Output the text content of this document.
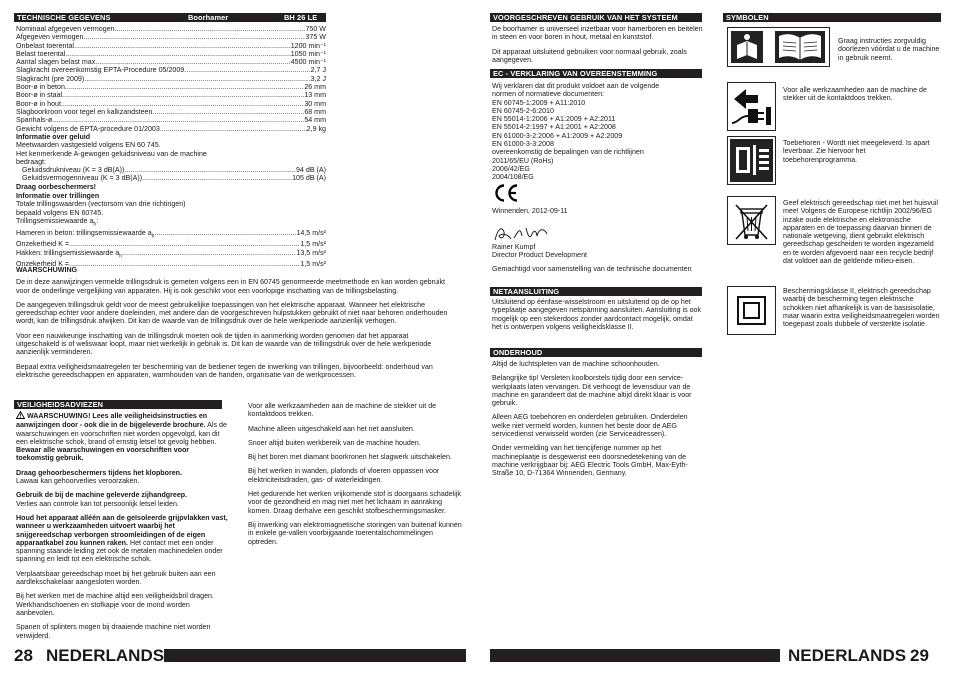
TECHNISCHE GEGEVENS	Boorhamer	BH 26 LE
Nominaal afgegeven vermogen .....	750 W
Afgegeven vermogen .....	375 W
Onbelast toerental .....	1200 min⁻¹
Belast toerental .....	1050 min⁻¹
Aantal slagen belast max. .....	4500 min⁻¹
Slagkracht overeenkomstig EPTA-Procedure 05/2009 .....	2,7 J
Slagkracht (pre 2009) .....	3,2 J
Boor-ø in beton .....	26 mm
Boor-ø in staal .....	13 mm
Boor-ø in hout .....	30 mm
Slagboorkroon voor tegel en kalkzandsteen .....	68 mm
Spanhals-ø .....	54 mm
Gewicht volgens de EPTA-procedure 01/2003 .....	2,9 kg
Informatie over geluid
Meetwaarden vastgesteld volgens EN 60 745.
Het kenmerkende A-gewogen geluidsniveau van de machine
bedraagt:
Geluidsdrukniveau (K = 3 dB(A)) .....	94 dB (A)
Geluidsvermogenniveau (K = 3 dB(A)) .....	105 dB (A)
Draag oorbeschermers!
Informatie over trillingen
Totale trillingswaarden (vectorsom van drie richtingen)
bepaald volgens EN 60745.
Trillingsemissiewaarde $a_h$:
Hameren in beton: trillingsemissiewaarde $a_h$ .....	14,5 m/s²
Onzekerheid K = .....	1,5 m/s²
Hakken: trillingsemissiewaarde $a_h$ .....	13,5 m/s²
Onzekerheid K = .....	1,5 m/s²
WAARSCHUWING

De in deze aanwijzingen vermelde trillingsdruk is gemeten volgens een in EN 60745 genormeerde meetmethode en kan worden gebruikt voor de onderlinge vergelijking van apparaten. Hij is ook geschikt voor een voorlopige inschatting van de trillingsbelasting.

De aangegeven trillingsdruk geldt voor de meest gebruikelijke toepassingen van het elektrische apparaat. Wanneer het elektrische gereedschap echter voor andere doeleinden, met andere dan de voorgeschreven hulpstukken gebruikt of niet naar behoren onderhouden wordt, kan de trillingsdruk afwijken. Dit kan de waarde van de trillingsdruk over de hele werkperiode aanzienlijk verhogen.

Voor een nauwkeurige inschatting van de trillingsdruk moeten ook de tijden in aanmerking worden genomen dat het apparaat uitgeschakeld is of weliswaar loopt, maar niet werkelijk in gebruik is. Dit kan de waarde van de trillingsdruk over de hele werkperiode aanzienlijk verminderen.

Bepaal extra veiligheidsmaatregelen ter bescherming van de bediener tegen de inwerking van trillingen, bijvoorbeeld: onderhoud van elektrische gereedschappen en apparaten, warmhouden van de handen, organisatie van de werkprocessen.

VEILIGHEIDSADVIEZEN

WAARSCHUWING! Lees alle veiligheidsinstructies en aanwijzingen door - ook die in de bijgeleverde brochure. Als de waarschuwingen en voorschriften niet worden opgevolgd, kan dit een elektrische schok, brand of ernstig letsel tot gevolg hebben.
Bewaar alle waarschuwingen en voorschriften voor toekomstig gebruik.

Draag gehoorbeschermers tijdens het klopboren.
Lawaai kan gehoorverlies veroorzaken.

Gebruik de bij de machine geleverde zijhandgreep.
Verlies aan controle kan tot persoonlijk letsel leiden.

Houd het apparaat alléén aan de geïsoleerde grijpvlakken vast, wanneer u werkzaamheden uitvoert waarbij het snijgereedschap verborgen stroomleidingen of de eigen apparaatkabel zou kunnen raken. Het contact met een onder spanning staande leiding zet ook de metalen machinedelen onder spanning en leidt tot een elektrische schok.

Verplaatsbaar gereedschap moet bij het gebruik buiten aan een aardlekschakelaar aangesloten worden.

Bij het werken met de machine altijd een veiligheidsbril dragen. Werkhandschoenen en stofkapje voor de mond worden aanbevolen.

Spanen of splinters mogen bij draaiende machine niet worden verwijderd.

Voor alle werkzaamheden aan de machine de stekker uit de kontaktdoos trekken.

Machine alleen uitgeschakeld aan het net aansluiten.

Snoer altijd buiten werkbereik van de machine houden.

Bij het boren met diamant boorkronen het slagwerk uitschakelen.

Bij het werken in wanden, plafonds of vloeren oppassen voor elektriciteitsdraden, gas- of waterleidingen.

Het gedurende het werken vrijkomende stof is doorgaans schadelijk
voor de gezondheid en mag niet met het lichaam in aanraking komen. Draag derhalve een geschikt stofbeschermingsmasker.

Bij inwerking van elektromagnetische storingen van buitenaf kunnen in enkele ge-vallen voorbijgaande toerentalschommelingen optreden.

28 NEDERLANDS
VOORGESCHREVEN GEBRUIK VAN HET SYSTEEM

De boorhamer is universeel inzetbaar voor hamerboren en beitelen in steen en voor boren in hout, metaal en kunststof.

Dit apparaat uitsluitend gebruiken voor normaal gebruik, zoals aangegeven.

EC - VERKLARING VAN OVEREENSTEMMING
Wij verklaren dat dit produkt voldoet aan de volgende
normen of normatieve documenten:
EN 60745-1:2009 + A11:2010
EN 60745-2-6:2010
EN 55014-1:2006 + A1:2009 + A2:2011
EN 55014-2:1997 + A1:2001 + A2:2008
EN 61000-3-2:2006 + A1:2009 + A2:2009
EN 61000-3-3:2008
overeenkomstig de bepalingen van de richtlijnen
2011/65/EU (RoHs)
2006/42/EG
2004/108/EG
Winnenden, 2012-09-11
Rainer Kumpf
Director Product Development
Gemachtigd voor samenstelling van de technische documenten
NETAANSLUITING
Uitsluitend op éénfase-wisselstroom en uitsluitend op de op het typeplaatje aangegeven netspanning aansluiten. Aansluiting is ook mogelijk op een stekerdoos zonder aardcontact mogelijk, omdat het is ontwerpen volgens veiligheidsklasse II.
ONDERHOUD

Altijd de luchtspleten van de machine schoonhouden.

Belangrijke tip! Versleten koolborstels tijdig door een service-werkplaats laten vervangen. Dit verhoogt de levensduur van de machine en garandeert dat de machine altijd direkt klaar is voor gebruik.

Alleen AEG toebehoren en onderdelen gebruiken. Onderdelen welke niet vermeld worden, kunnen het beste door de AEG servicedienst verwisseld worden (zie Serviceadressen).

Onder vermelding van het tiencijferige nummer op het machineplaatje is desgewenst een doorsnedetekening van de machine verkrijgbaar bij: AEG Electric Tools GmbH, Max-Eyth-Straße 10, D-71364 Winnenden, Germany.

SYMBOLEN
Graag instructies zorgvuldig doorlezen vóórdat u de machine in gebruik neemt.
Voor alle werkzaamheden aan de machine de stekker uit de kontaktdoos trekken.
Toebehoren - Wordt niet meegeleverd. Is apart leverbaar. Zie hiervoor het toebehorenprogramma.
Geef elektrisch gereedschap niet met het huisvuil mee! Volgens de Europese richtlijn 2002/96/EG inzake oude elektrische en elektronische apparaten en de toepassing daarvan binnen de nationale wetgeving, dient gebruikt elektrisch gereedschap gescheiden te worden ingezameld en te worden afgevoerd naar een recycle bedrijf dat voldoet aan de geldende milieu-eisen.
Beschermingsklasse II, elektrisch gereedschap waarbij de bescherming tegen elektrische schokken niet afhankelijk is van de basisisolatie, maar waarin extra veiligheidsmaatregelen worden toegepast zoals dubbele of versterkte isolatie.
NEDERLANDS 29
